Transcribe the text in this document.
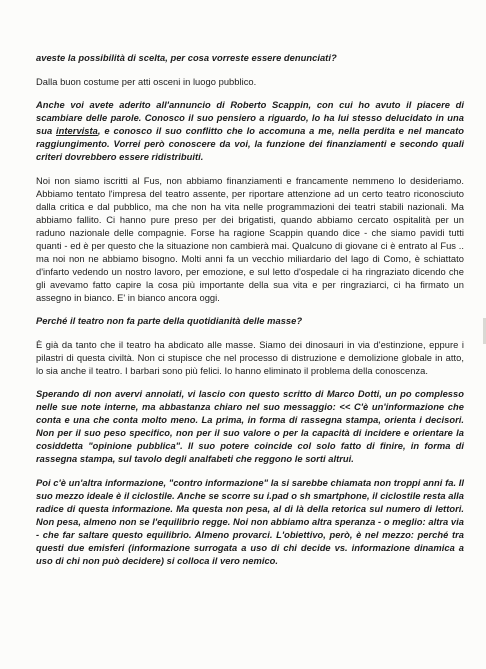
aveste la possibilità di scelta, per cosa vorreste essere denunciati?

Dalla buon costume per atti osceni in luogo pubblico.

Anche voi avete aderito all'annuncio di Roberto Scappin, con cui ho avuto il piacere di scambiare delle parole. Conosco il suo pensiero a riguardo, lo ha lui stesso delucidato in una sua intervista, e conosco il suo conflitto che lo accomuna a me, nella perdita e nel mancato raggiungimento. Vorrei però conoscere da voi, la funzione dei finanziamenti e secondo quali criteri dovrebbero essere ridistribuiti.

Noi non siamo iscritti al Fus, non abbiamo finanziamenti e francamente nemmeno lo desideriamo. Abbiamo tentato l'impresa del teatro assente, per riportare attenzione ad un certo teatro riconosciuto dalla critica e dal pubblico, ma che non ha vita nelle programmazioni dei teatri stabili nazionali. Ma abbiamo fallito. Ci hanno pure preso per dei brigatisti, quando abbiamo cercato ospitalità per un raduno nazionale delle compagnie. Forse ha ragione Scappin quando dice - che siamo pavidi tutti quanti - ed è per questo che la situazione non cambierà mai. Qualcuno di giovane ci è entrato al Fus .. ma noi non ne abbiamo bisogno. Molti anni fa un vecchio miliardario del lago di Como, è schiattato d'infarto vedendo un nostro lavoro, per emozione, e sul letto d'ospedale ci ha ringraziato dicendo che gli avevamo fatto capire la cosa più importante della sua vita e per ringraziarci, ci ha firmato un assegno in bianco. E' in bianco ancora oggi.

Perché il teatro non fa parte della quotidianità delle masse?

È già da tanto che il teatro ha abdicato alle masse. Siamo dei dinosauri in via d'estinzione, eppure i pilastri di questa civiltà. Non ci stupisce che nel processo di distruzione e demolizione globale in atto, lo sia anche il teatro. I barbari sono più felici. Io hanno eliminato il problema della conoscenza.

Sperando di non avervi annoiati, vi lascio con questo scritto di Marco Dotti, un po complesso nelle sue note interne, ma abbastanza chiaro nel suo messaggio: << C'è un'informazione che conta e una che conta molto meno. La prima, in forma di rassegna stampa, orienta i decisori. Non per il suo peso specifico, non per il suo valore o per la capacità di incidere e orientare la cosiddetta "opinione pubblica". Il suo potere coincide col solo fatto di finire, in forma di rassegna stampa, sul tavolo degli analfabeti che reggono le sorti altrui.

Poi c'è un'altra informazione, "contro informazione" la si sarebbe chiamata non troppi anni fa. Il suo mezzo ideale è il ciclostile. Anche se scorre su i.pad o sh smartphone, il ciclostile resta alla radice di questa informazione. Ma questa non pesa, al di là della retorica sul numero di lettori. Non pesa, almeno non se l'equilibrio regge. Noi non abbiamo altra speranza - o meglio: altra via - che far saltare questo equilibrio. Almeno provarci. L'obiettivo, però, è nel mezzo: perché tra questi due emisferi (informazione surrogata a uso di chi decide vs. informazione dinamica a uso di chi non può decidere) si colloca il vero nemico.
